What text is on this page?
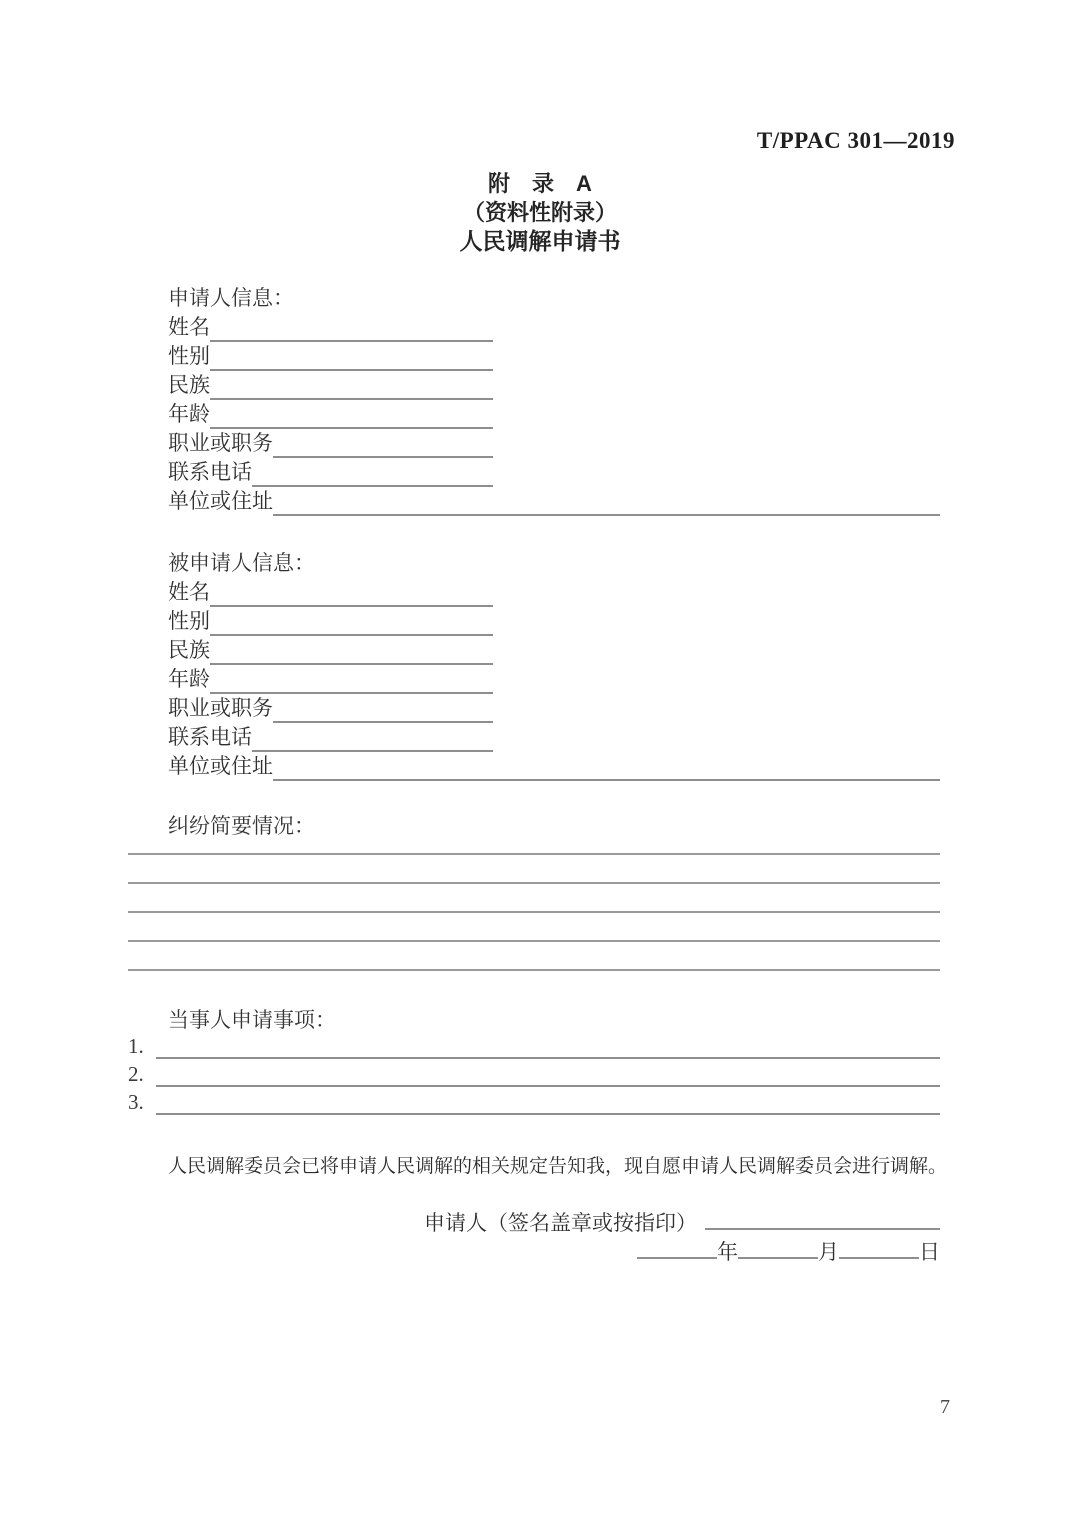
T/PPAC 301—2019
附　录　A
（资料性附录）
人民调解申请书
申请人信息：
姓名
性别
民族
年龄
职业或职务
联系电话
单位或住址
被申请人信息：
姓名
性别
民族
年龄
职业或职务
联系电话
单位或住址
纠纷简要情况：
当事人申请事项：
1.
2.
3.
人民调解委员会已将申请人民调解的相关规定告知我，现自愿申请人民调解委员会进行调解。
申请人（签名盖章或按指印）
年	月	日
7
